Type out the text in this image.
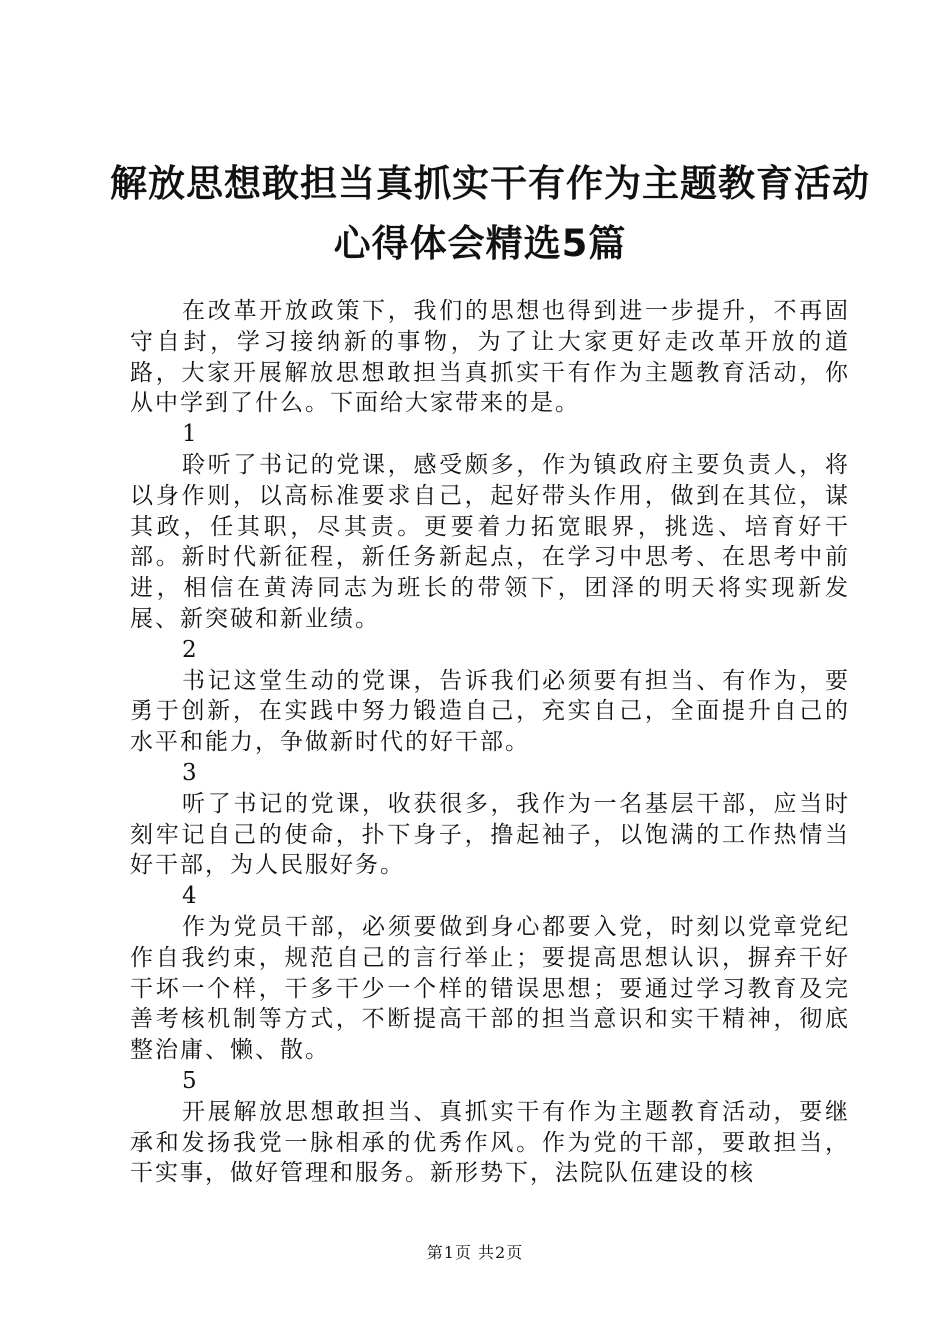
解放思想敢担当真抓实干有作为主题教育活动
心得体会精选5篇

在改革开放政策下，我们的思想也得到进一步提升，不再固守自封，学习接纳新的事物，为了让大家更好走改革开放的道路，大家开展解放思想敢担当真抓实干有作为主题教育活动，你从中学到了什么。下面给大家带来的是。

1

聆听了书记的党课，感受颇多，作为镇政府主要负责人，将以身作则，以高标准要求自己，起好带头作用，做到在其位，谋其政，任其职，尽其责。更要着力拓宽眼界，挑选、培育好干部。新时代新征程，新任务新起点，在学习中思考、在思考中前进，相信在黄涛同志为班长的带领下，团泽的明天将实现新发展、新突破和新业绩。

2

书记这堂生动的党课，告诉我们必须要有担当、有作为，要勇于创新，在实践中努力锻造自己，充实自己，全面提升自己的水平和能力，争做新时代的好干部。

3

听了书记的党课，收获很多，我作为一名基层干部，应当时刻牢记自己的使命，扑下身子，撸起袖子，以饱满的工作热情当好干部，为人民服好务。

4

作为党员干部，必须要做到身心都要入党，时刻以党章党纪作自我约束，规范自己的言行举止；要提高思想认识，摒弃干好干坏一个样，干多干少一个样的错误思想；要通过学习教育及完善考核机制等方式，不断提高干部的担当意识和实干精神，彻底整治庸、懒、散。

5

开展解放思想敢担当、真抓实干有作为主题教育活动，要继承和发扬我党一脉相承的优秀作风。作为党的干部，要敢担当，干实事，做好管理和服务。新形势下，法院队伍建设的核

第1页 共2页
